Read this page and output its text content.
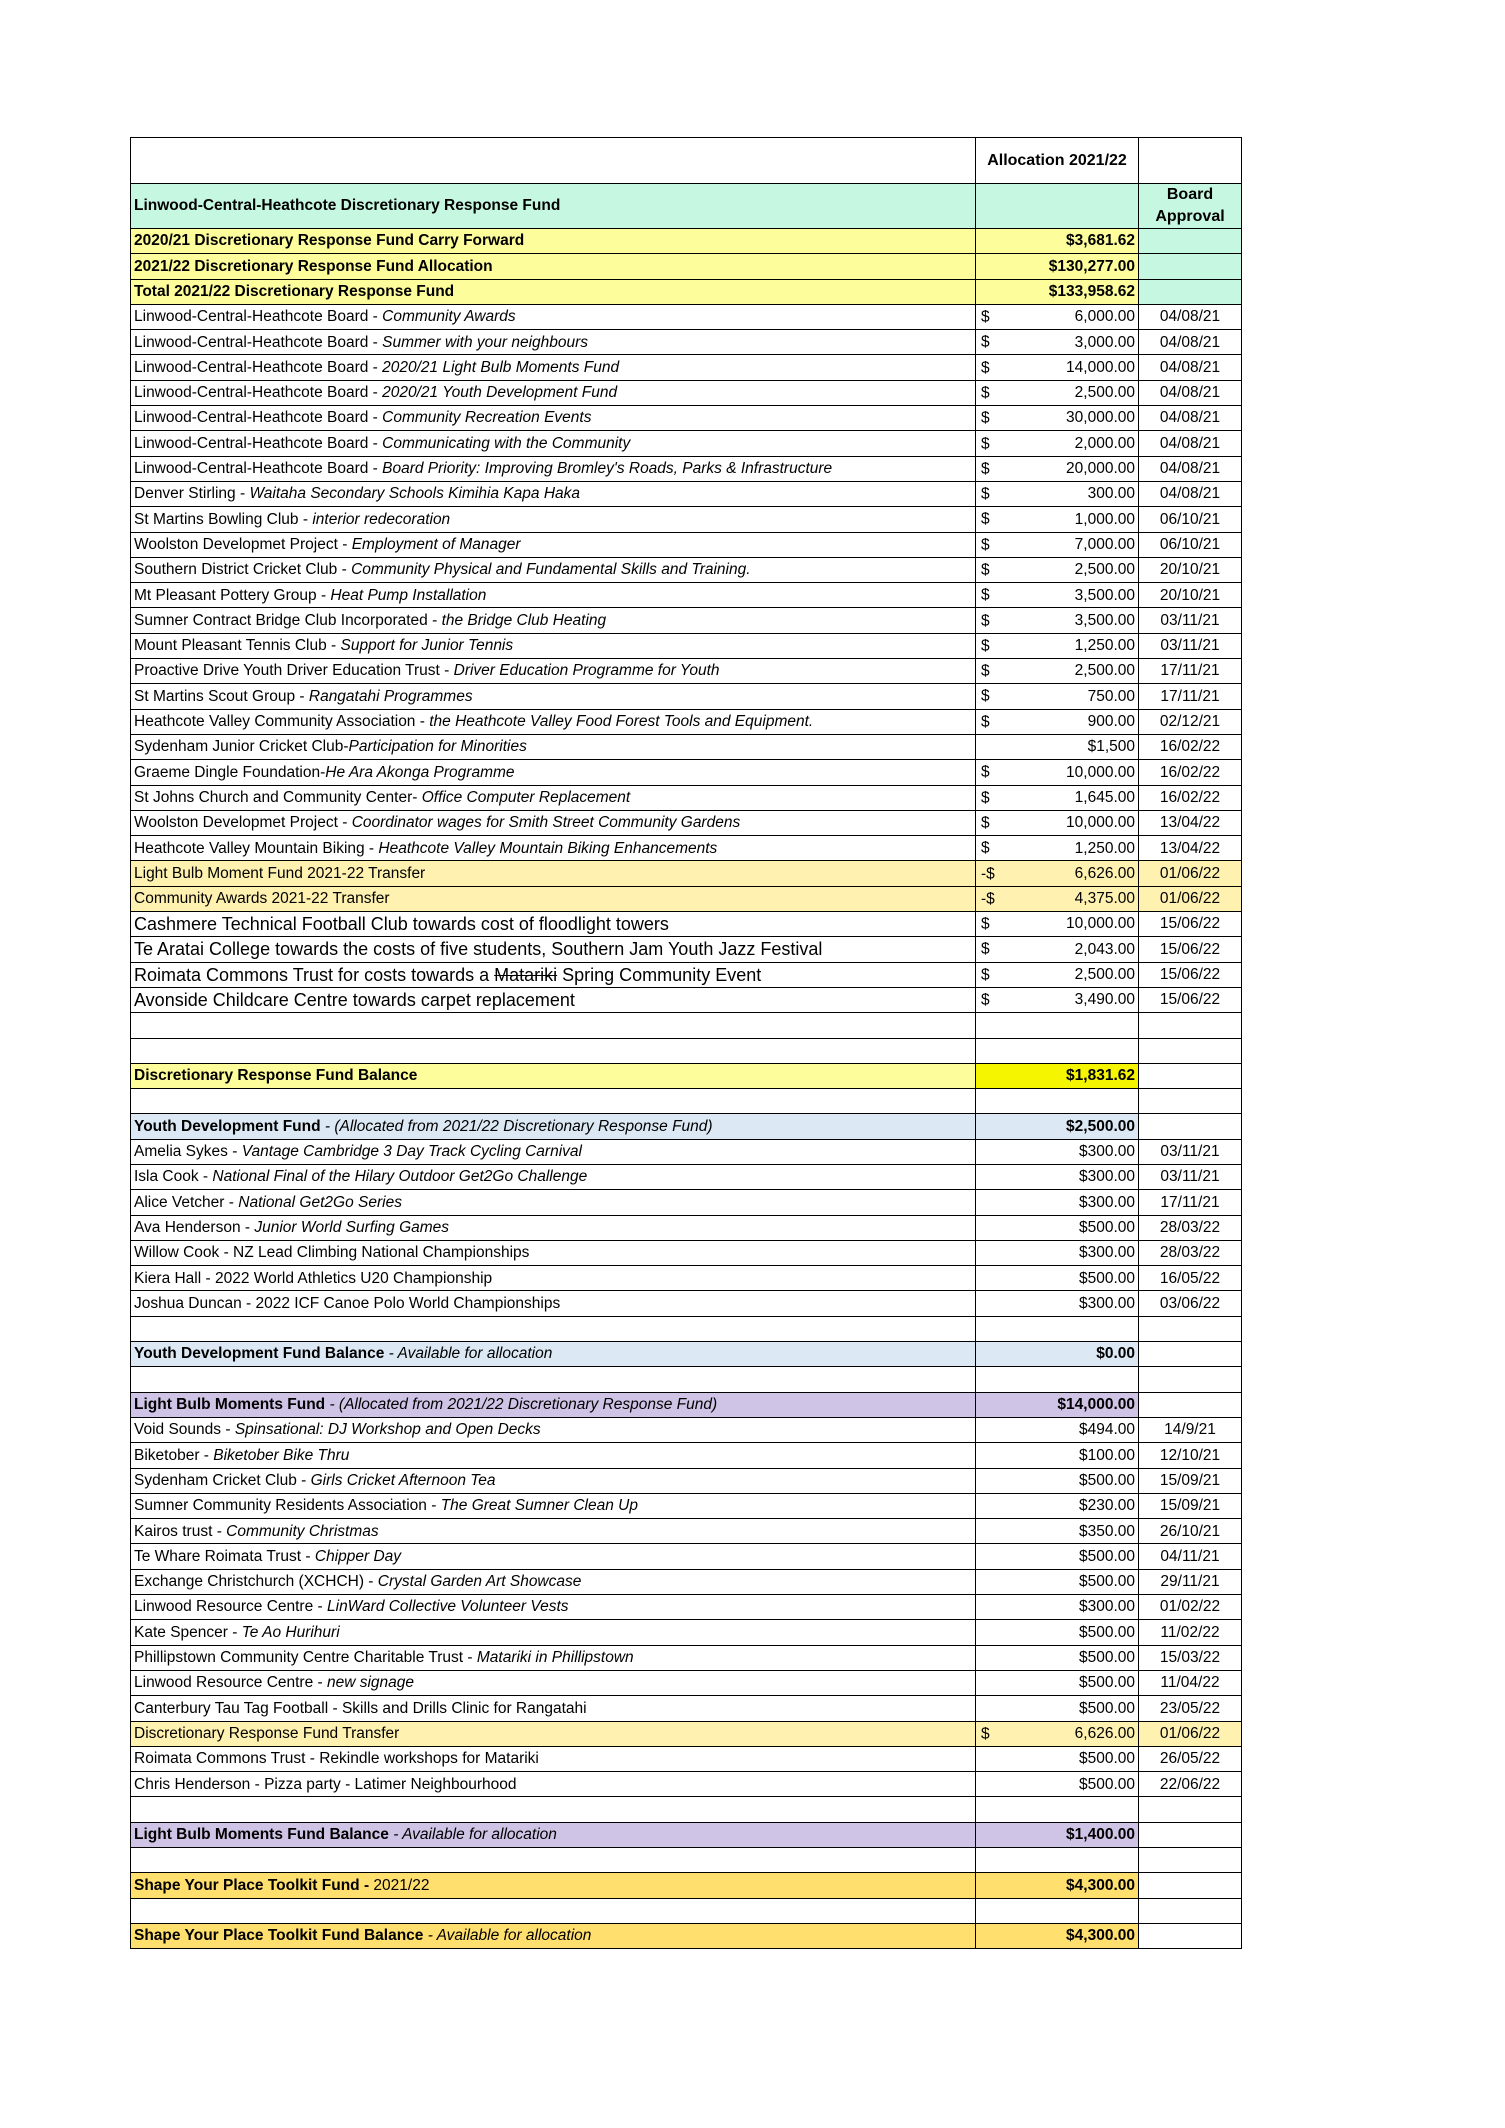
	Allocation 2021/22	
Linwood-Central-Heathcote Discretionary Response Fund		Board Approval

2020/21 Discretionary Response Fund Carry Forward	$3,681.62	
2021/22 Discretionary Response Fund Allocation	$130,277.00	
Total 2021/22 Discretionary Response Fund	$133,958.62	
Linwood-Central-Heathcote Board - Community Awards	$ 6,000.00	04/08/21
Linwood-Central-Heathcote Board - Summer with your neighbours	$ 3,000.00	04/08/21
Linwood-Central-Heathcote Board - 2020/21 Light Bulb Moments Fund	$ 14,000.00	04/08/21
Linwood-Central-Heathcote Board - 2020/21 Youth Development Fund	$ 2,500.00	04/08/21
Linwood-Central-Heathcote Board - Community Recreation Events	$ 30,000.00	04/08/21
Linwood-Central-Heathcote Board - Communicating with the Community	$ 2,000.00	04/08/21
Linwood-Central-Heathcote Board - Board Priority: Improving Bromley's Roads, Parks & Infrastructure	$ 20,000.00	04/08/21
Denver Stirling - Waitaha Secondary Schools Kimihia Kapa Haka	$ 300.00	04/08/21
St Martins Bowling Club - interior redecoration	$ 1,000.00	06/10/21
Woolston Developmet Project - Employment of Manager	$ 7,000.00	06/10/21
Southern District Cricket Club - Community Physical and Fundamental Skills and Training.	$ 2,500.00	20/10/21
Mt Pleasant Pottery Group - Heat Pump Installation	$ 3,500.00	20/10/21
Sumner Contract Bridge Club Incorporated - the Bridge Club Heating	$ 3,500.00	03/11/21
Mount Pleasant Tennis Club - Support for Junior Tennis	$ 1,250.00	03/11/21
Proactive Drive Youth Driver Education Trust - Driver Education Programme for Youth	$ 2,500.00	17/11/21
St Martins Scout Group - Rangatahi Programmes	$ 750.00	17/11/21
Heathcote Valley Community Association - the Heathcote Valley Food Forest Tools and Equipment.	$ 900.00	02/12/21
Sydenham Junior Cricket Club-Participation for Minorities	$1,500	16/02/22
Graeme Dingle Foundation-He Ara Akonga Programme	$ 10,000.00	16/02/22
St Johns Church and Community Center- Office Computer Replacement	$ 1,645.00	16/02/22
Woolston Developmet Project - Coordinator wages for Smith Street Community Gardens	$ 10,000.00	13/04/22
Heathcote Valley Mountain Biking - Heathcote Valley Mountain Biking Enhancements	$ 1,250.00	13/04/22
Light Bulb Moment Fund 2021-22 Transfer	-$ 6,626.00	01/06/22
Community Awards 2021-22 Transfer	-$ 4,375.00	01/06/22
Cashmere Technical Football Club towards cost of floodlight towers	$ 10,000.00	15/06/22
Te Aratai College towards the costs of five students, Southern Jam Youth Jazz Festival	$ 2,043.00	15/06/22
Roimata Commons Trust for costs towards a Matariki Spring Community Event	$ 2,500.00	15/06/22
Avonside Childcare Centre towards carpet replacement	$ 3,490.00	15/06/22

Discretionary Response Fund Balance	$1,831.62	

Youth Development Fund - (Allocated from 2021/22 Discretionary Response Fund)	$2,500.00	
Amelia Sykes - Vantage Cambridge 3 Day Track Cycling Carnival	$300.00	03/11/21
Isla Cook - National Final of the Hilary Outdoor Get2Go Challenge	$300.00	03/11/21
Alice Vetcher - National Get2Go Series	$300.00	17/11/21
Ava Henderson - Junior World Surfing Games	$500.00	28/03/22
Willow Cook - NZ Lead Climbing National Championships	$300.00	28/03/22
Kiera Hall - 2022 World Athletics U20 Championship	$500.00	16/05/22
Joshua Duncan - 2022 ICF Canoe Polo World Championships	$300.00	03/06/22

Youth Development Fund Balance - Available for allocation	$0.00	

Light Bulb Moments Fund - (Allocated from 2021/22 Discretionary Response Fund)	$14,000.00	
Void Sounds - Spinsational: DJ Workshop and Open Decks	$494.00	14/9/21
Biketober - Biketober Bike Thru	$100.00	12/10/21
Sydenham Cricket Club - Girls Cricket Afternoon Tea	$500.00	15/09/21
Sumner Community Residents Association - The Great Sumner Clean Up	$230.00	15/09/21
Kairos trust - Community Christmas	$350.00	26/10/21
Te Whare Roimata Trust - Chipper Day	$500.00	04/11/21
Exchange Christchurch (XCHCH) - Crystal Garden Art Showcase	$500.00	29/11/21
Linwood Resource Centre - LinWard Collective Volunteer Vests	$300.00	01/02/22
Kate Spencer - Te Ao Hurihuri	$500.00	11/02/22
Phillipstown Community Centre Charitable Trust - Matariki in Phillipstown	$500.00	15/03/22
Linwood Resource Centre - new signage	$500.00	11/04/22
Canterbury Tau Tag Football - Skills and Drills Clinic for Rangatahi	$500.00	23/05/22
Discretionary Response Fund Transfer	$ 6,626.00	01/06/22
Roimata Commons Trust - Rekindle workshops for Matariki	$500.00	26/05/22
Chris Henderson - Pizza party - Latimer Neighbourhood	$500.00	22/06/22

Light Bulb Moments Fund Balance - Available for allocation	$1,400.00	

Shape Your Place Toolkit Fund - 2021/22	$4,300.00	

Shape Your Place Toolkit Fund Balance - Available for allocation	$4,300.00	
